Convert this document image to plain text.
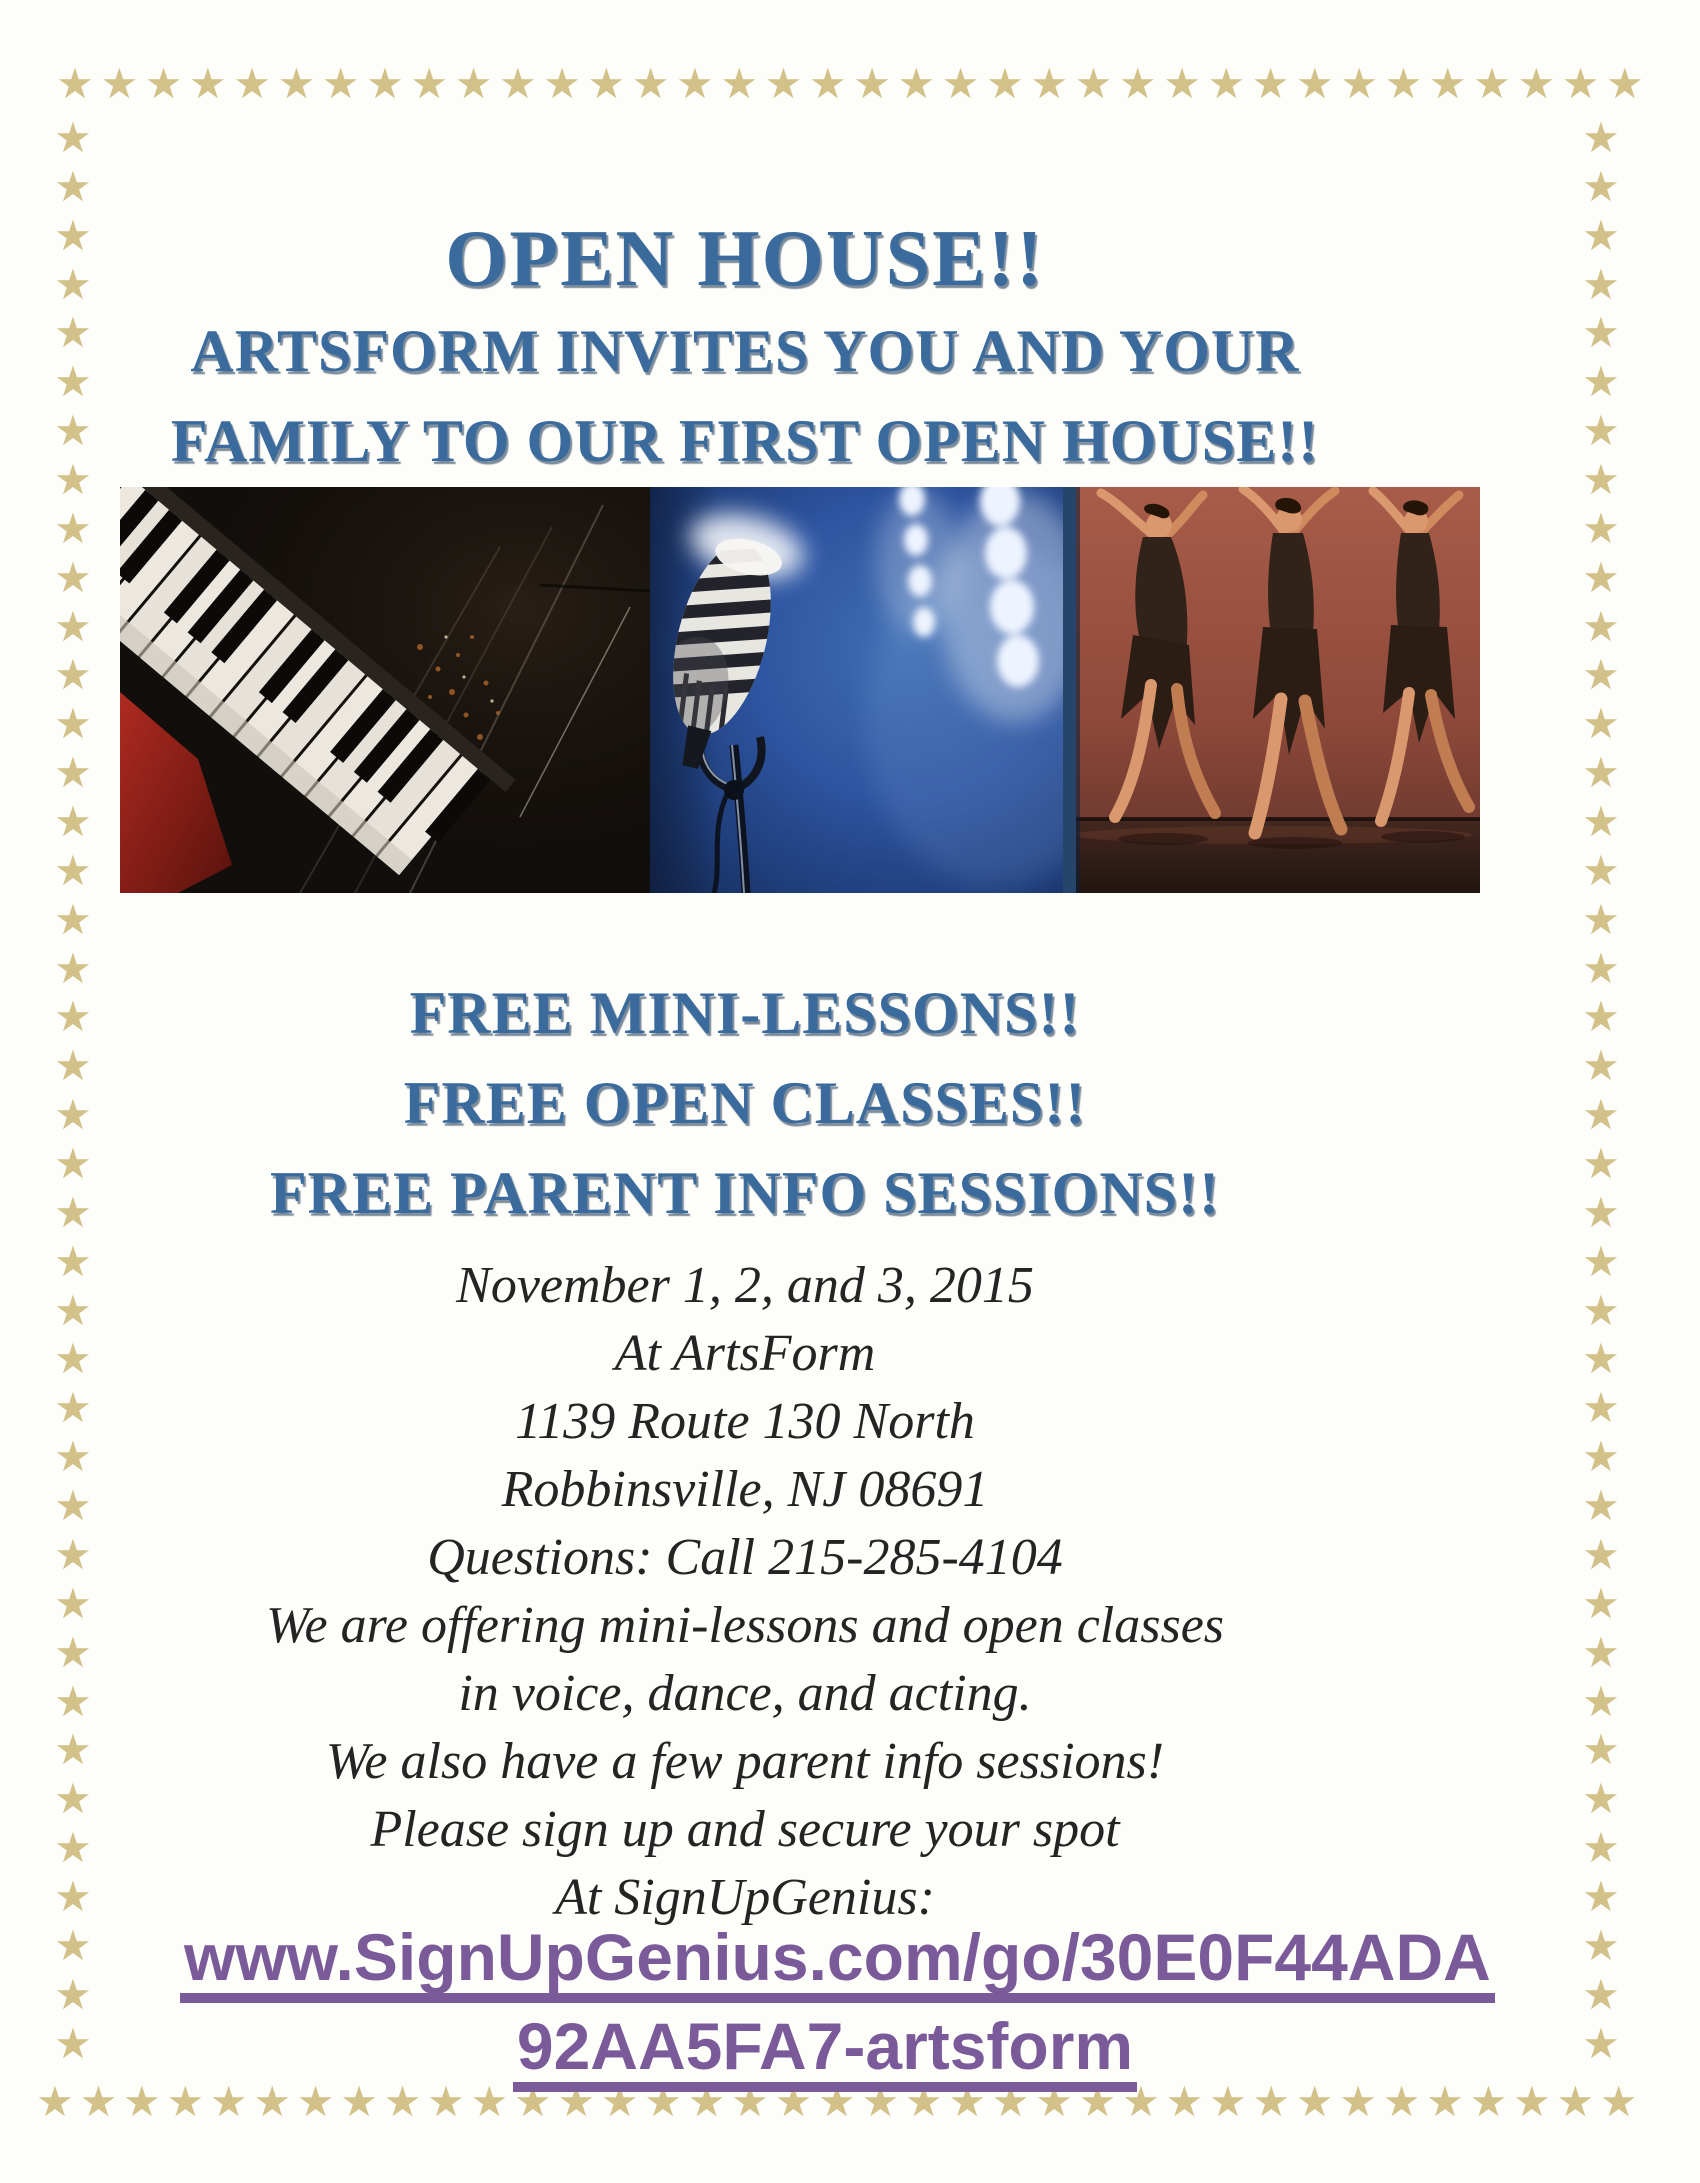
★ ★ ★ ★ ★ ★ ★ ★ ★ ★ ★ ★ ★ ★ ★ ★ ★ ★ ★ ★ ★ ★ ★ ★ ★ ★ ★ ★ ★ ★ ★ ★ ★ ★ ★ ★
★ ★ ★ ★ ★ ★ ★ ★ ★ ★ ★ ★ ★ ★ ★ ★ ★ ★ ★ ★ ★ ★ ★ ★ ★ ★ ★ ★ ★ ★ ★ ★ ★ ★ ★ ★ ★
★
★
★
★
★
★
★
★
★
★
★
★
★
★
★
★
★
★
★
★
★
★
★
★
★
★
★
★
★
★
★
★
★
★
★
★
★
★
★
★
★
★
★
★
★
★
★
★
★
★
★
★
★
★
★
★
★
★
★
★
★
★
★
★
★
★
★
★
★
★
★
★
★
★
★
★
★
★
★
★
OPEN HOUSE!!
ARTSFORM INVITES YOU AND YOUR
FAMILY TO OUR FIRST OPEN HOUSE!!
FREE MINI-LESSONS!!
FREE OPEN CLASSES!!
FREE PARENT INFO SESSIONS!!
November 1, 2, and 3, 2015
At ArtsForm
1139 Route 130 North
Robbinsville, NJ 08691
Questions: Call 215-285-4104
We are offering mini-lessons and open classes
in voice, dance, and acting.
We also have a few parent info sessions!
Please sign up and secure your spot
At SignUpGenius:
www.SignUpGenius.com/go/30E0F44ADA
92AA5FA7-artsform
